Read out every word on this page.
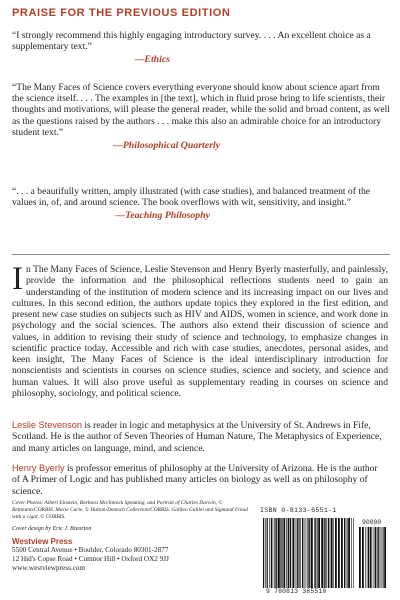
PRAISE FOR THE PREVIOUS EDITION
“I strongly recommend this highly engaging introductory survey. . . . An excellent choice as a supplementary text.”
—Ethics
“The Many Faces of Science covers everything everyone should know about science apart from the science itself. . . . The examples in [the text], which in fluid prose bring to life scientists, their thoughts and motivations, will please the general reader, while the solid and broad content, as well as the questions raised by the authors . . . make this also an admirable choice for an introductory student text.”
—Philosophical Quarterly
“. . . a beautifully written, amply illustrated (with case studies), and balanced treatment of the values in, of, and around science. The book overflows with wit, sensitivity, and insight.”
—Teaching Philosophy
In The Many Faces of Science, Leslie Stevenson and Henry Byerly masterfully, and painlessly, provide the information and the philosophical reflections students need to gain an understanding of the institution of modern science and its increasing impact on our lives and cultures. In this second edition, the authors update topics they explored in the first edition, and present new case studies on subjects such as HIV and AIDS, women in science, and work done in psychology and the social sciences. The authors also extend their discussion of science and values, in addition to revising their study of science and technology, to emphasize changes in scientific practice today. Accessible and rich with case studies, anecdotes, personal asides, and keen insight, The Many Faces of Science is the ideal interdisciplinary introduction for nonscientists and scientists in courses on science studies, science and society, and science and human values. It will also prove useful as supplementary reading in courses on science and philosophy, sociology, and political science.
Leslie Stevenson is reader in logic and metaphysics at the University of St. Andrews in Fife, Scotland. He is the author of Seven Theories of Human Nature, The Metaphysics of Experience, and many articles on language, mind, and science.
Henry Byerly is professor emeritus of philosophy at the University of Arizona. He is the author of A Primer of Logic and has published many articles on biology as well as on philosophy of science.
Cover Photos: Albert Einstein, Barbara Mcclintock Speaking, and Portrait of Charles Darwin, © Bettmann/CORBIS. Marie Curie, © Hulton-Deutsch Collection/CORBIS. Galileo Galilei and Sigmund Freud with a cigar, © CORBIS.
Cover design by Eric J. Brearton
Westview Press
5500 Central Avenue • Boulder, Colorado 80301-2877
12 Hid's Copse Road • Cumnor Hill • Oxford OX2 9JJ
www.westviewpress.com
ISBN 0-8133-6551-1
90000
9 780813 365510
